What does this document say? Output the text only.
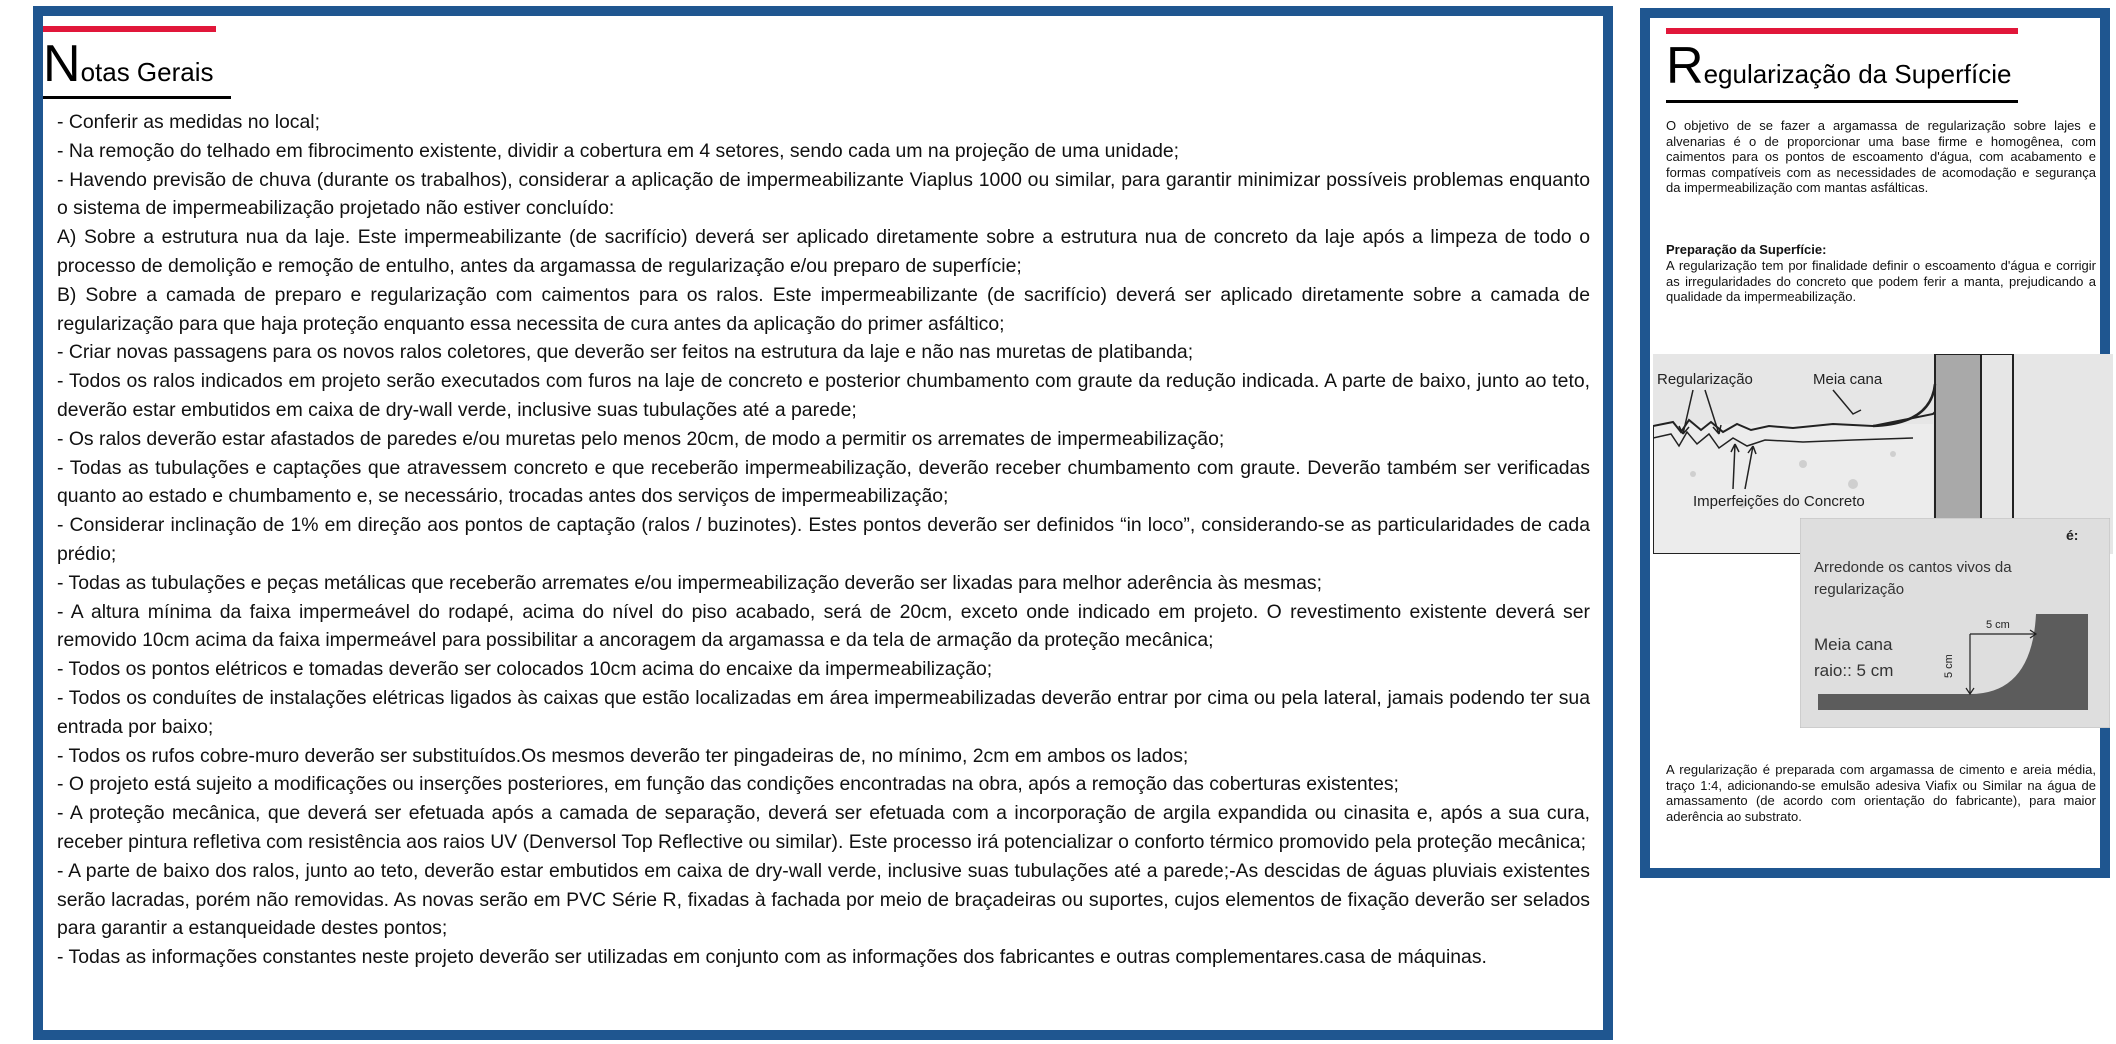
Notas Gerais
- Conferir as medidas no local;
- Na remoção do telhado em fibrocimento existente, dividir a cobertura em 4 setores, sendo cada um na projeção de uma unidade;
- Havendo previsão de chuva (durante os trabalhos), considerar a aplicação de impermeabilizante Viaplus 1000 ou similar, para garantir minimizar possíveis problemas enquanto o sistema de impermeabilização projetado não estiver concluído:
A) Sobre a estrutura nua da laje. Este impermeabilizante (de sacrifício) deverá ser aplicado diretamente sobre a estrutura nua de concreto da laje após a limpeza de todo o processo de demolição e remoção de entulho, antes da argamassa de regularização e/ou preparo de superfície;
B) Sobre a camada de preparo e regularização com caimentos para os ralos. Este impermeabilizante (de sacrifício) deverá ser aplicado diretamente sobre a camada de regularização para que haja proteção enquanto essa necessita de cura antes da aplicação do primer asfáltico;
- Criar novas passagens para os novos ralos coletores, que deverão ser feitos na estrutura da laje e não nas muretas de platibanda;
- Todos os ralos indicados em projeto serão executados com furos na laje de concreto e posterior chumbamento com graute da redução indicada. A parte de baixo, junto ao teto, deverão estar embutidos em caixa de dry-wall verde, inclusive suas tubulações até a parede;
- Os ralos deverão estar afastados de paredes e/ou muretas pelo menos 20cm, de modo a permitir os arremates de impermeabilização;
- Todas as tubulações e captações que atravessem concreto e que receberão impermeabilização, deverão receber chumbamento com graute. Deverão também ser verificadas quanto ao estado e chumbamento e, se necessário, trocadas antes dos serviços de impermeabilização;
- Considerar inclinação de 1% em direção aos pontos de captação (ralos / buzinotes). Estes pontos deverão ser definidos “in loco”, considerando-se as particularidades de cada prédio;
- Todas as tubulações e peças metálicas que receberão arremates e/ou impermeabilização deverão ser lixadas para melhor aderência às mesmas;
- A altura mínima da faixa impermeável do rodapé, acima do nível do piso acabado, será de 20cm, exceto onde indicado em projeto. O revestimento existente deverá ser removido 10cm acima da faixa impermeável para possibilitar a ancoragem da argamassa e da tela de armação da proteção mecânica;
- Todos os pontos elétricos e tomadas deverão ser colocados 10cm acima do encaixe da impermeabilização;
- Todos os conduítes de instalações elétricas ligados às caixas que estão localizadas em área impermeabilizadas deverão entrar por cima ou pela lateral, jamais podendo ter sua entrada por baixo;
- Todos os rufos cobre-muro deverão ser substituídos.Os mesmos deverão ter pingadeiras de, no mínimo, 2cm em ambos os lados;
- O projeto está sujeito a modificações ou inserções posteriores, em função das condições encontradas na obra, após a remoção das coberturas existentes;
- A proteção mecânica, que deverá ser efetuada após a camada de separação, deverá ser efetuada com a incorporação de argila expandida ou cinasita e, após a sua cura, receber pintura refletiva com resistência aos raios UV (Denversol Top Reflective ou similar). Este processo irá potencializar o conforto térmico promovido pela proteção mecânica;
- A parte de baixo dos ralos, junto ao teto, deverão estar embutidos em caixa de dry-wall verde, inclusive suas tubulações até a parede;-As descidas de águas pluviais existentes serão lacradas, porém não removidas. As novas serão em PVC Série R, fixadas à fachada por meio de braçadeiras ou suportes, cujos elementos de fixação deverão ser selados para garantir a estanqueidade destes pontos;
- Todas as informações constantes neste projeto deverão ser utilizadas em conjunto com as informações dos fabricantes e outras complementares.casa de máquinas.
Regularização da Superfície

O objetivo de se fazer a argamassa de regularização sobre lajes e alvenarias é o de proporcionar uma base firme e homogênea, com caimentos para os pontos de escoamento d'água, com acabamento e formas compatíveis com as necessidades de acomodação e segurança da impermeabilização com mantas asfálticas.

Preparação da Superfície:

A regularização tem por finalidade definir o escoamento d'água e corrigir as irregularidades do concreto que podem ferir a manta, prejudicando a qualidade da impermeabilização.

Regularização	Meia cana
Imperfeições do Concreto
é:
Arredonde os cantos vivos da
regularização
Meia cana
raio:: 5 cm
5 cm
5 cm

A regularização é preparada com argamassa de cimento e areia média, traço 1:4, adicionando-se emulsão adesiva Viafix ou Similar na água de amassamento (de acordo com orientação do fabricante), para maior aderência ao substrato.
